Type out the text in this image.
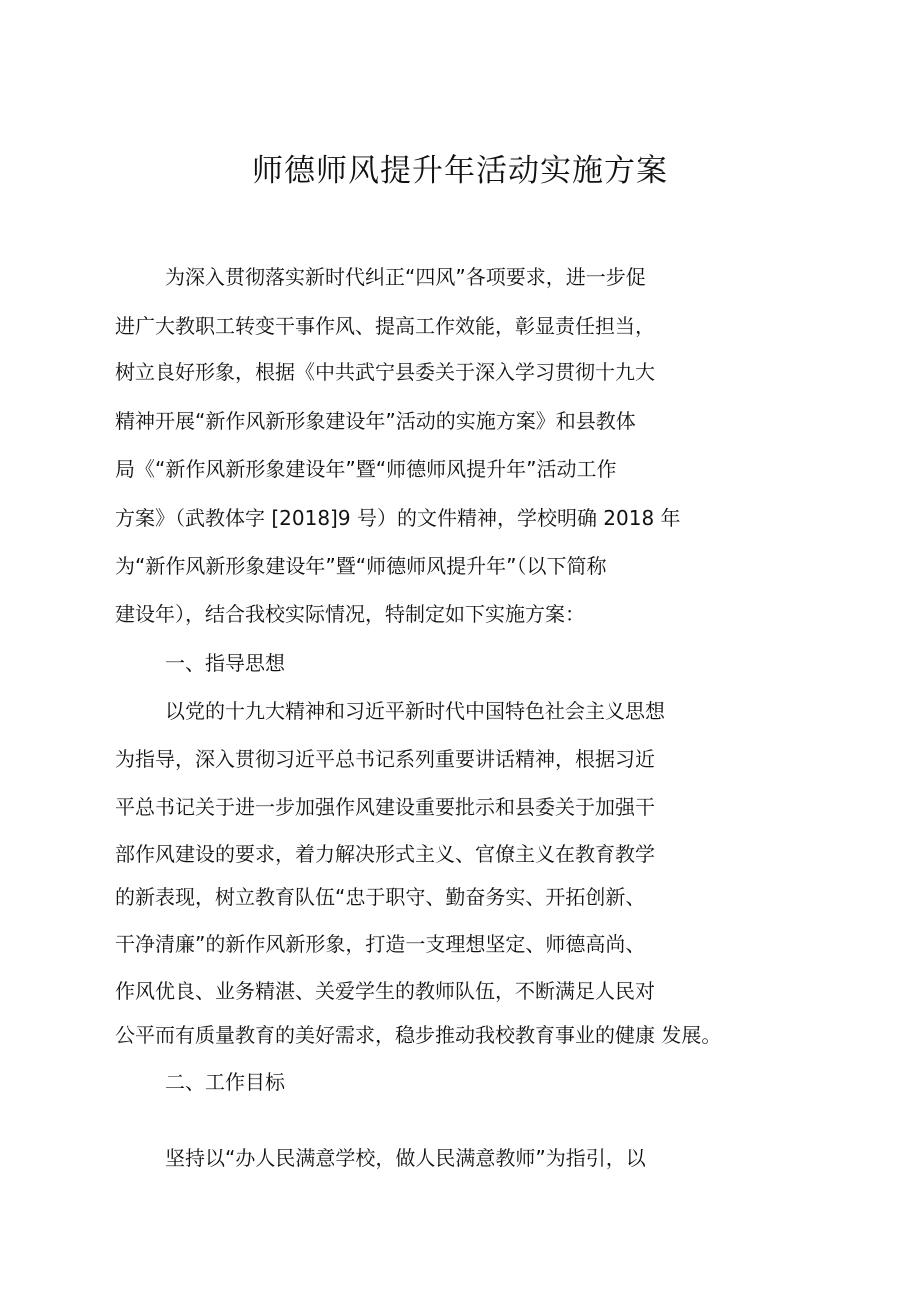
师德师风提升年活动实施方案
为深入贯彻落实新时代纠正“四风”各项要求，进一步促
进广大教职工转变干事作风、提高工作效能，彰显责任担当，
树立良好形象，根据《中共武宁县委关于深入学习贯彻十九大
精神开展“新作风新形象建设年”活动的实施方案》和县教体
局《“新作风新形象建设年”暨“师德师风提升年”活动工作
方案》（武教体字 [2018]9 号）的文件精神，学校明确 2018 年
为“新作风新形象建设年”暨“师德师风提升年”（以下简称
建设年），结合我校实际情况，特制定如下实施方案：
一、指导思想
以党的十九大精神和习近平新时代中国特色社会主义思想
为指导，深入贯彻习近平总书记系列重要讲话精神，根据习近
平总书记关于进一步加强作风建设重要批示和县委关于加强干
部作风建设的要求，着力解决形式主义、官僚主义在教育教学
的新表现，树立教育队伍“忠于职守、勤奋务实、开拓创新、
干净清廉”的新作风新形象，打造一支理想坚定、师德高尚、
作风优良、业务精湛、关爱学生的教师队伍，不断满足人民对
公平而有质量教育的美好需求，稳步推动我校教育事业的健康 发展。
二、工作目标
坚持以“办人民满意学校，做人民满意教师”为指引，以
